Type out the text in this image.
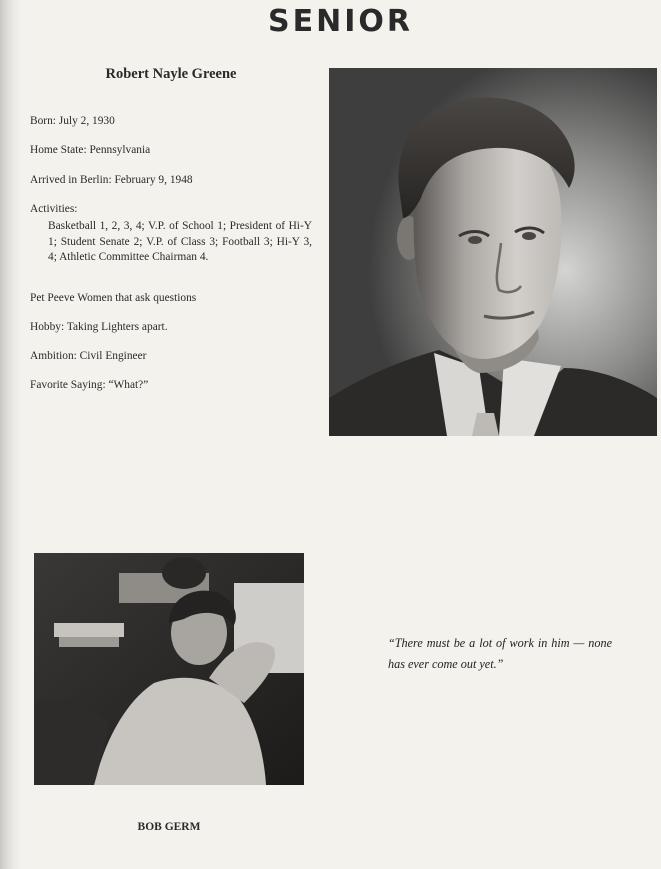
SENIOR
Robert Nayle Greene
Born: July 2, 1930
Home State: Pennsylvania
Arrived in Berlin: February 9, 1948
Activities:
Basketball 1, 2, 3, 4; V.P. of School 1; President of Hi-Y 1; Student Senate 2; V.P. of Class 3; Football 3; Hi-Y 3, 4; Athletic Committee Chairman 4.
Pet Peeve Women that ask questions
Hobby: Taking Lighters apart.
Ambition: Civil Engineer
Favorite Saying: “What?”
“There must be a lot of work in him — none has ever come out yet.”
BOB GERM
